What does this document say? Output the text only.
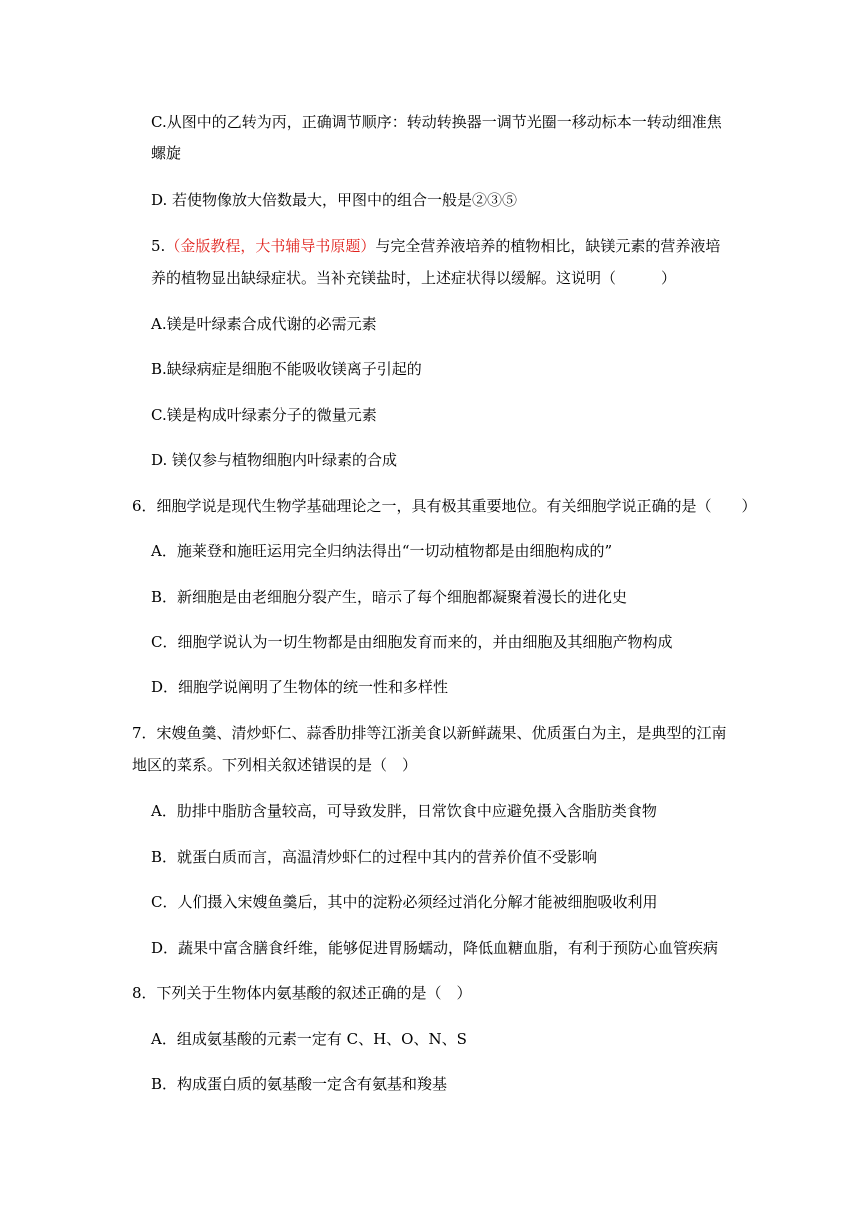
C.从图中的乙转为丙，正确调节顺序：转动转换器一调节光圈一移动标本一转动细准焦
螺旋
D. 若使物像放大倍数最大，甲图中的组合一般是②③⑤
5.（金版教程，大书辅导书原题）与完全营养液培养的植物相比，缺镁元素的营养液培
养的植物显出缺绿症状。当补充镁盐时，上述症状得以缓解。这说明（　　　）
A.镁是叶绿素合成代谢的必需元素
B.缺绿病症是细胞不能吸收镁离子引起的
C.镁是构成叶绿素分子的微量元素
D. 镁仅参与植物细胞内叶绿素的合成
6．细胞学说是现代生物学基础理论之一，具有极其重要地位。有关细胞学说正确的是（　　）
A．施莱登和施旺运用完全归纳法得出“一切动植物都是由细胞构成的”
B．新细胞是由老细胞分裂产生，暗示了每个细胞都凝聚着漫长的进化史
C．细胞学说认为一切生物都是由细胞发育而来的，并由细胞及其细胞产物构成
D．细胞学说阐明了生物体的统一性和多样性
7．宋嫂鱼羹、清炒虾仁、蒜香肋排等江浙美食以新鲜蔬果、优质蛋白为主，是典型的江南
地区的菜系。下列相关叙述错误的是（　）
A．肋排中脂肪含量较高，可导致发胖，日常饮食中应避免摄入含脂肪类食物
B．就蛋白质而言，高温清炒虾仁的过程中其内的营养价值不受影响
C．人们摄入宋嫂鱼羹后，其中的淀粉必须经过消化分解才能被细胞吸收利用
D．蔬果中富含膳食纤维，能够促进胃肠蠕动，降低血糖血脂，有利于预防心血管疾病
8．下列关于生物体内氨基酸的叙述正确的是（　）
A．组成氨基酸的元素一定有 C、H、O、N、S
B．构成蛋白质的氨基酸一定含有氨基和羧基
